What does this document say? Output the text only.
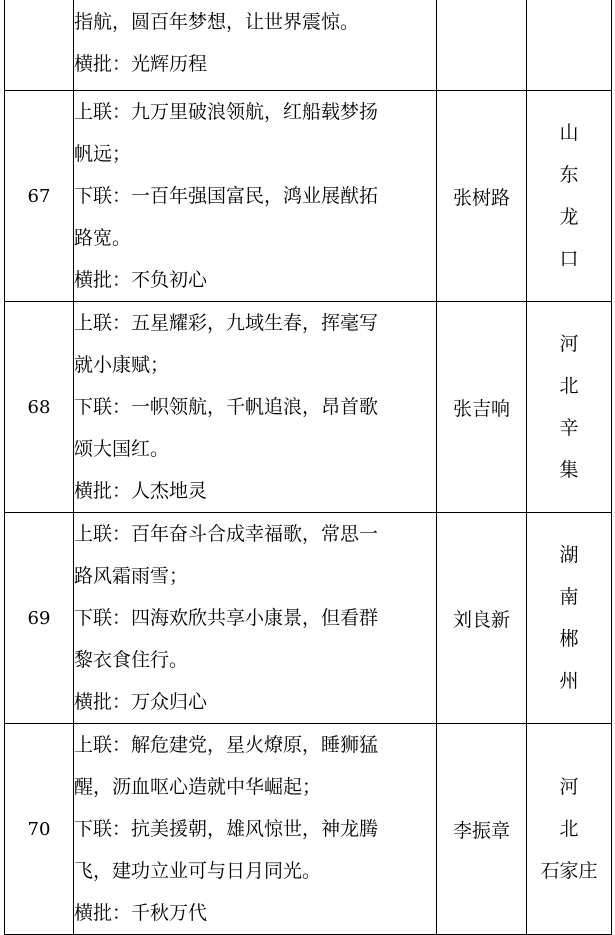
	指航，圆百年梦想，让世界震惊。
横批：光辉历程		

67	上联：九万里破浪领航，红船载梦扬
帆远；
下联：一百年强国富民，鸿业展猷拓
路宽。
横批：不负初心	张树路	山东
龙口

68	上联：五星耀彩，九域生春，挥毫写
就小康赋；
下联：一帜领航，千帆追浪，昂首歌
颂大国红。
横批：人杰地灵	张吉响	河北
辛集

69	上联：百年奋斗合成幸福歌，常思一
路风霜雨雪；
下联：四海欢欣共享小康景，但看群
黎衣食住行。
横批：万众归心	刘良新	湖南
郴州

70	上联：解危建党，星火燎原，睡狮猛
醒，沥血呕心造就中华崛起；
下联：抗美援朝，雄风惊世，神龙腾
飞，建功立业可与日月同光。
横批：千秋万代	李振章	河北
石家庄
